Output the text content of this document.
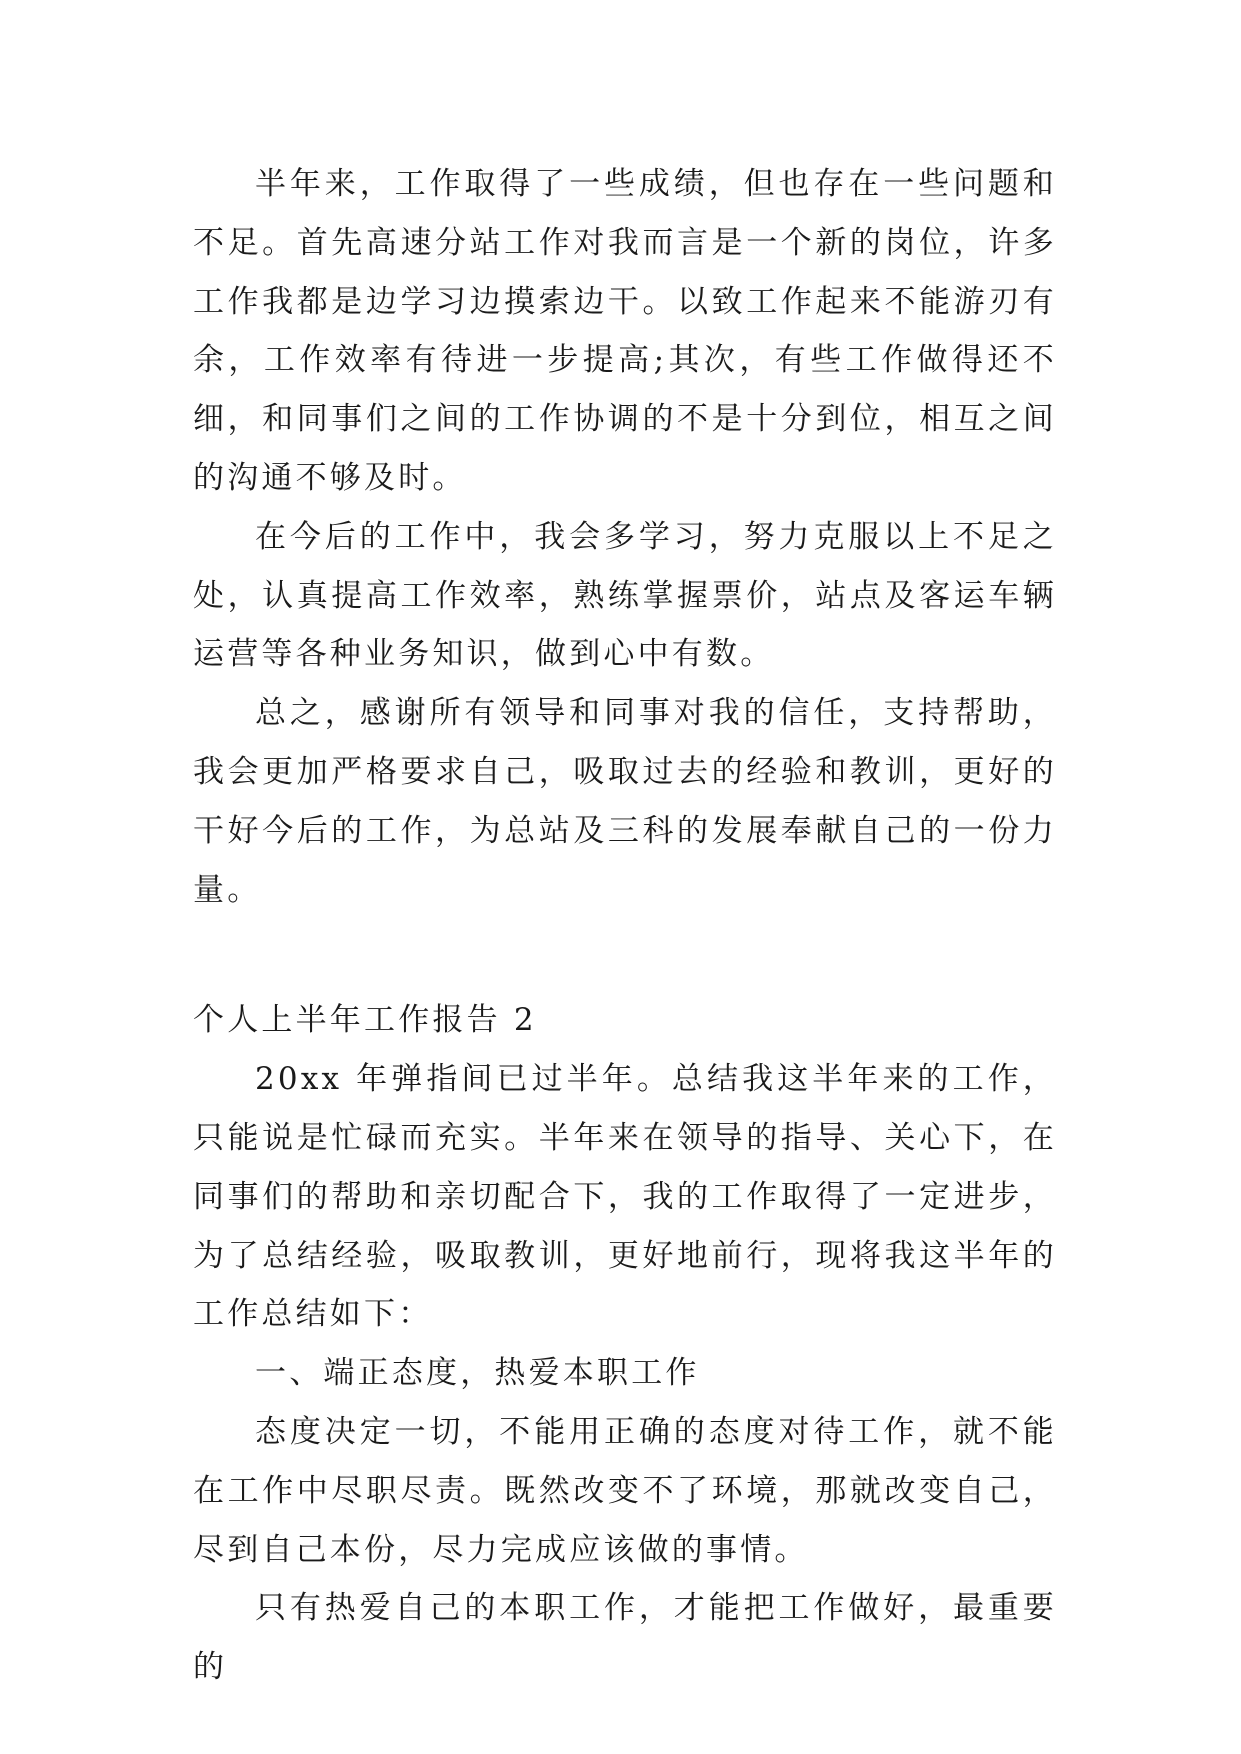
半年来，工作取得了一些成绩，但也存在一些问题和不足。首先高速分站工作对我而言是一个新的岗位，许多工作我都是边学习边摸索边干。以致工作起来不能游刃有余，工作效率有待进一步提高;其次，有些工作做得还不细，和同事们之间的工作协调的不是十分到位，相互之间的沟通不够及时。

在今后的工作中，我会多学习，努力克服以上不足之处，认真提高工作效率，熟练掌握票价，站点及客运车辆运营等各种业务知识，做到心中有数。

总之，感谢所有领导和同事对我的信任，支持帮助，我会更加严格要求自己，吸取过去的经验和教训，更好的干好今后的工作，为总站及三科的发展奉献自己的一份力量。

个人上半年工作报告 2

20xx 年弹指间已过半年。总结我这半年来的工作，只能说是忙碌而充实。半年来在领导的指导、关心下，在同事们的帮助和亲切配合下，我的工作取得了一定进步，为了总结经验，吸取教训，更好地前行，现将我这半年的工作总结如下：

一、端正态度，热爱本职工作

态度决定一切，不能用正确的态度对待工作，就不能在工作中尽职尽责。既然改变不了环境，那就改变自己，尽到自己本份，尽力完成应该做的事情。

只有热爱自己的本职工作，才能把工作做好，最重要的
